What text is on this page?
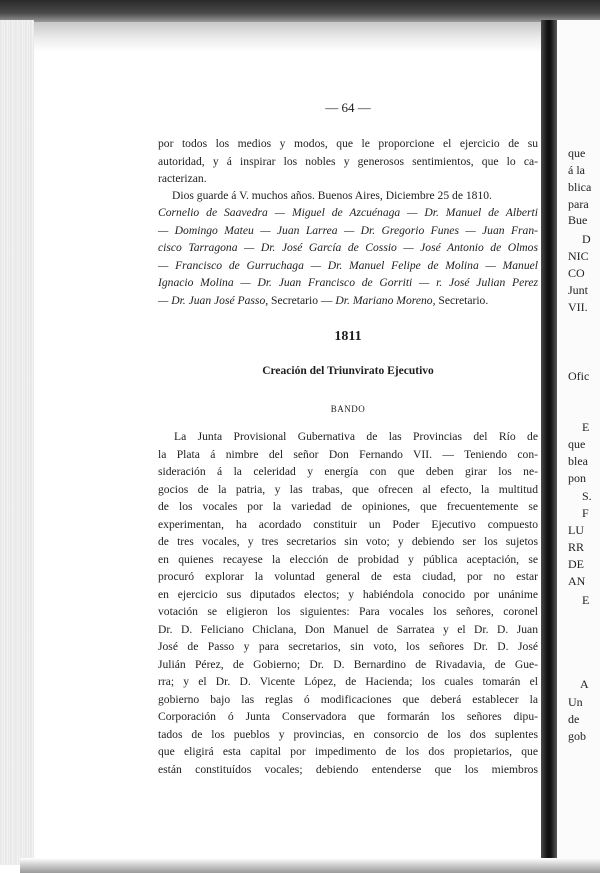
que
á la
blica
para
Bue
D
NIC
CO
Junt
VII.
Ofic
E
que
blea
pon
S.
F
LU
RR
DE
AN
E
A
Un
de
gob
— 64 —
por todos los medios y modos, que le proporcione el ejercicio de su
autoridad, y á inspirar los nobles y generosos sentimientos, que lo ca-
racterizan.
Dios guarde á V. muchos años. Buenos Aires, Diciembre 25 de 1810.
Cornelio de Saavedra — Miguel de Azcuénaga — Dr. Manuel de Alberti
— Domingo Mateu — Juan Larrea — Dr. Gregorio Funes — Juan Fran-
cisco Tarragona — Dr. José García de Cossio — José Antonio de Olmos
— Francisco de Gurruchaga — Dr. Manuel Felipe de Molina — Manuel
Ignacio Molina — Dr. Juan Francisco de Gorriti — r. José Julian Perez
— Dr. Juan José Passo, Secretario — Dr. Mariano Moreno, Secretario.
1811
Creación del Triunvirato Ejecutivo
BANDO
La Junta Provisional Gubernativa de las Provincias del Río de
la Plata á nimbre del señor Don Fernando VII. — Teniendo con-
sideración á la celeridad y energía con que deben girar los ne-
gocios de la patria, y las trabas, que ofrecen al efecto, la multitud
de los vocales por la variedad de opiniones, que frecuentemente se
experimentan, ha acordado constituir un Poder Ejecutivo compuesto
de tres vocales, y tres secretarios sin voto; y debiendo ser los sujetos
en quienes recayese la elección de probidad y pública aceptación, se
procuró explorar la voluntad general de esta ciudad, por no estar
en ejercicio sus diputados electos; y habiéndola conocido por unánime
votación se eligieron los siguientes: Para vocales los señores, coronel
Dr. D. Feliciano Chiclana, Don Manuel de Sarratea y el Dr. D. Juan
José de Passo y para secretarios, sin voto, los señores Dr. D. José
Julián Pérez, de Gobierno; Dr. D. Bernardino de Rivadavia, de Gue-
rra; y el Dr. D. Vicente López, de Hacienda; los cuales tomarán el
gobierno bajo las reglas ó modificaciones que deberá establecer la
Corporación ó Junta Conservadora que formarán los señores dipu-
tados de los pueblos y provincias, en consorcio de los dos suplentes
que eligirá esta capital por impedimento de los dos propietarios, que
están constituídos vocales; debiendo entenderse que los miembros
